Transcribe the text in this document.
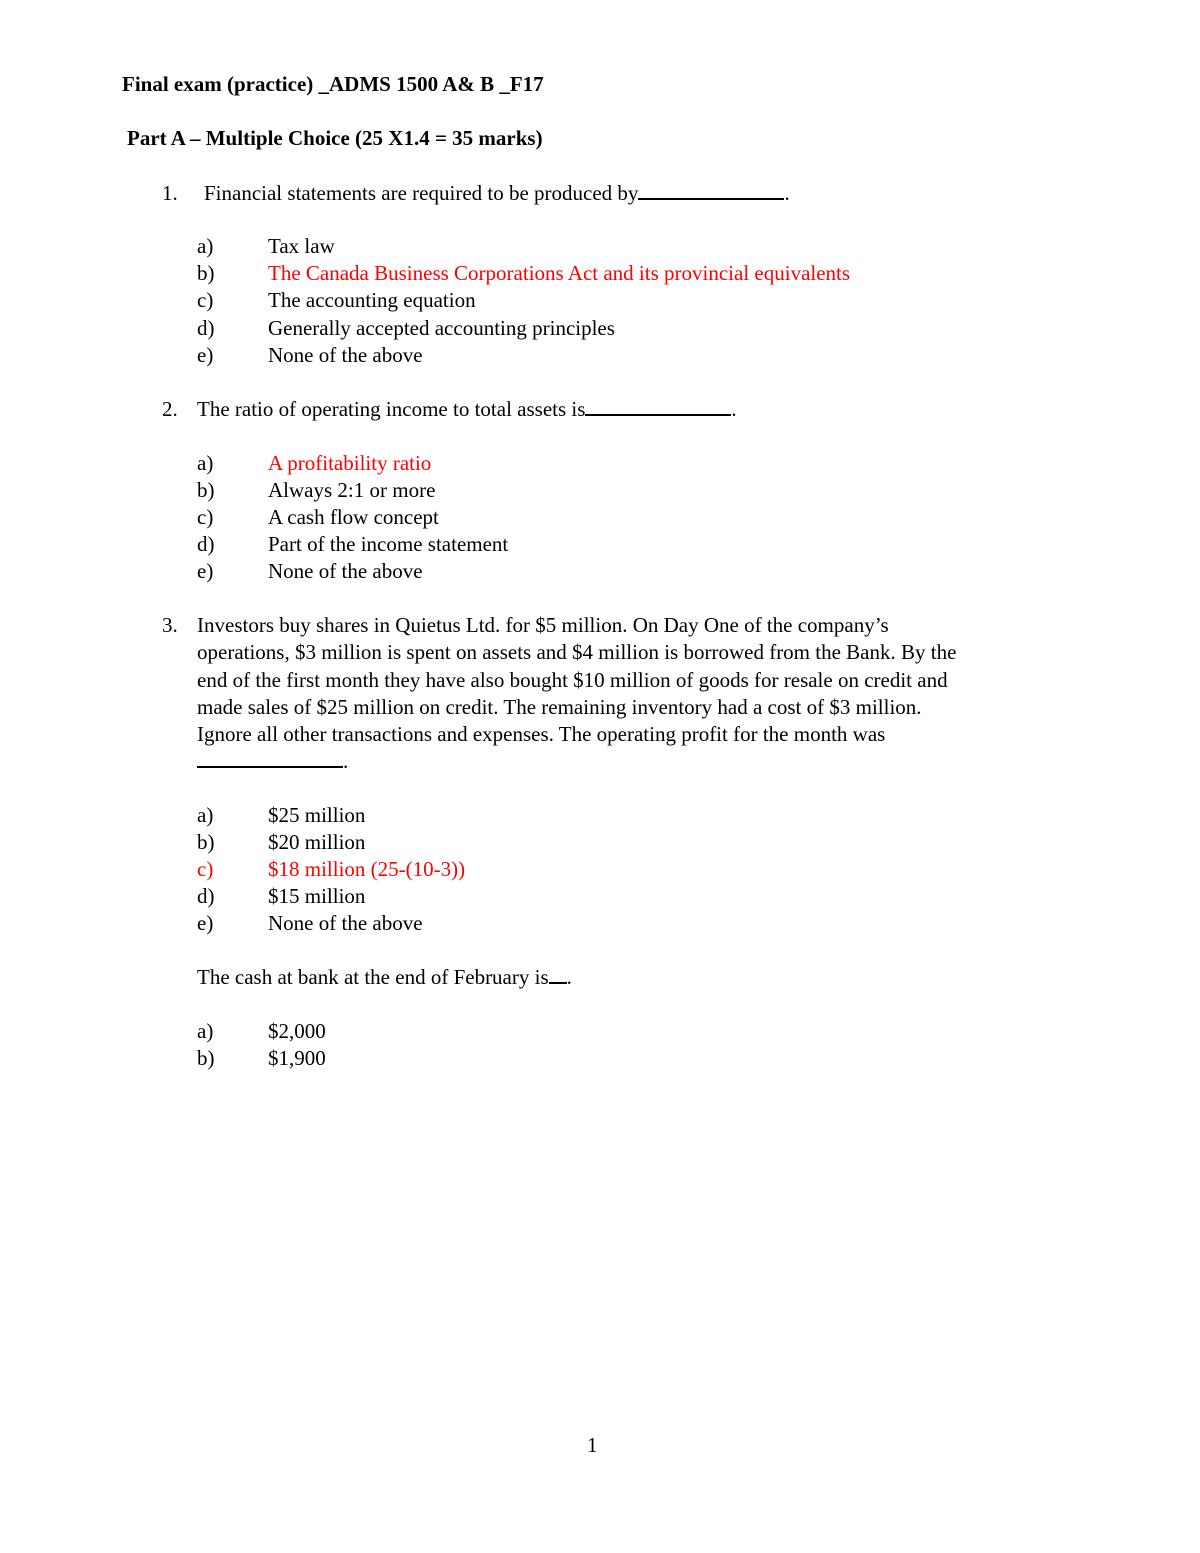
Final exam (practice) _ADMS 1500 A& B _F17
Part A – Multiple Choice (25 X1.4 = 35 marks)
1. Financial statements are required to be produced by	.
a)	Tax law
b)	The Canada Business Corporations Act and its provincial equivalents
c)	The accounting equation
d)	Generally accepted accounting principles
e)	None of the above
2. The ratio of operating income to total assets is	.
a)	A profitability ratio
b)	Always 2:1 or more
c)	A cash flow concept
d)	Part of the income statement
e)	None of the above
3. Investors buy shares in Quietus Ltd. for $5 million. On Day One of the company’s
operations, $3 million is spent on assets and $4 million is borrowed from the Bank. By the
end of the first month they have also bought $10 million of goods for resale on credit and
made sales of $25 million on credit. The remaining inventory had a cost of $3 million.
Ignore all other transactions and expenses. The operating profit for the month was
.
a)	$25 million
b)	$20 million
c)	$18 million (25-(10-3))
d)	$15 million
e)	None of the above
The cash at bank at the end of February is .
a)	$2,000
b)	$1,900
1
